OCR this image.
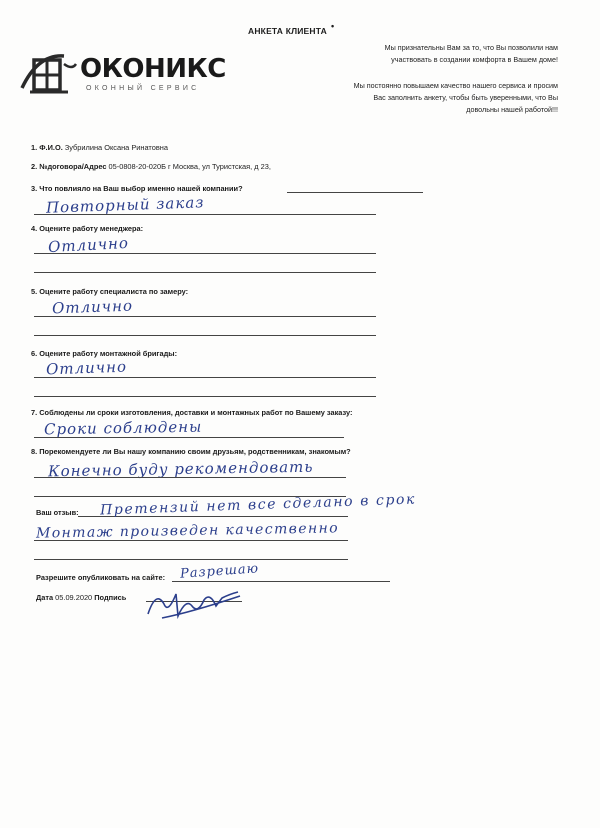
АНКЕТА КЛИЕНТА •
Мы признательны Вам за то, что Вы позволили нам
участвовать в создании комфорта в Вашем доме!
Мы постоянно повышаем качество нашего сервиса и просим
Вас заполнить анкету, чтобы быть уверенными, что Вы
довольны нашей работой!!!
ОКОНИКС
ОКОННЫЙ СЕРВИС
1. Ф.И.О. Зубрилина Оксана Ринатовна
2. №договора/Адрес 05-0808-20-020Б г Москва, ул Туристская, д 23,
3. Что повлияло на Ваш выбор именно нашей компании?
Повторный заказ
4. Оцените работу менеджера:
Отлично
5. Оцените работу специалиста по замеру:
Отлично
6. Оцените работу монтажной бригады:
Отлично
7. Соблюдены ли сроки изготовления, доставки и монтажных работ по Вашему заказу:
Сроки соблюдены
8. Порекомендуете ли Вы нашу компанию своим друзьям, родственникам, знакомым?
Конечно буду рекомендовать
Ваш отзыв: Претензий нет все сделано в срок
Монтаж произведен качественно
Разрешите опубликовать на сайте: Разрешаю
Дата 05.09.2020 Подпись
